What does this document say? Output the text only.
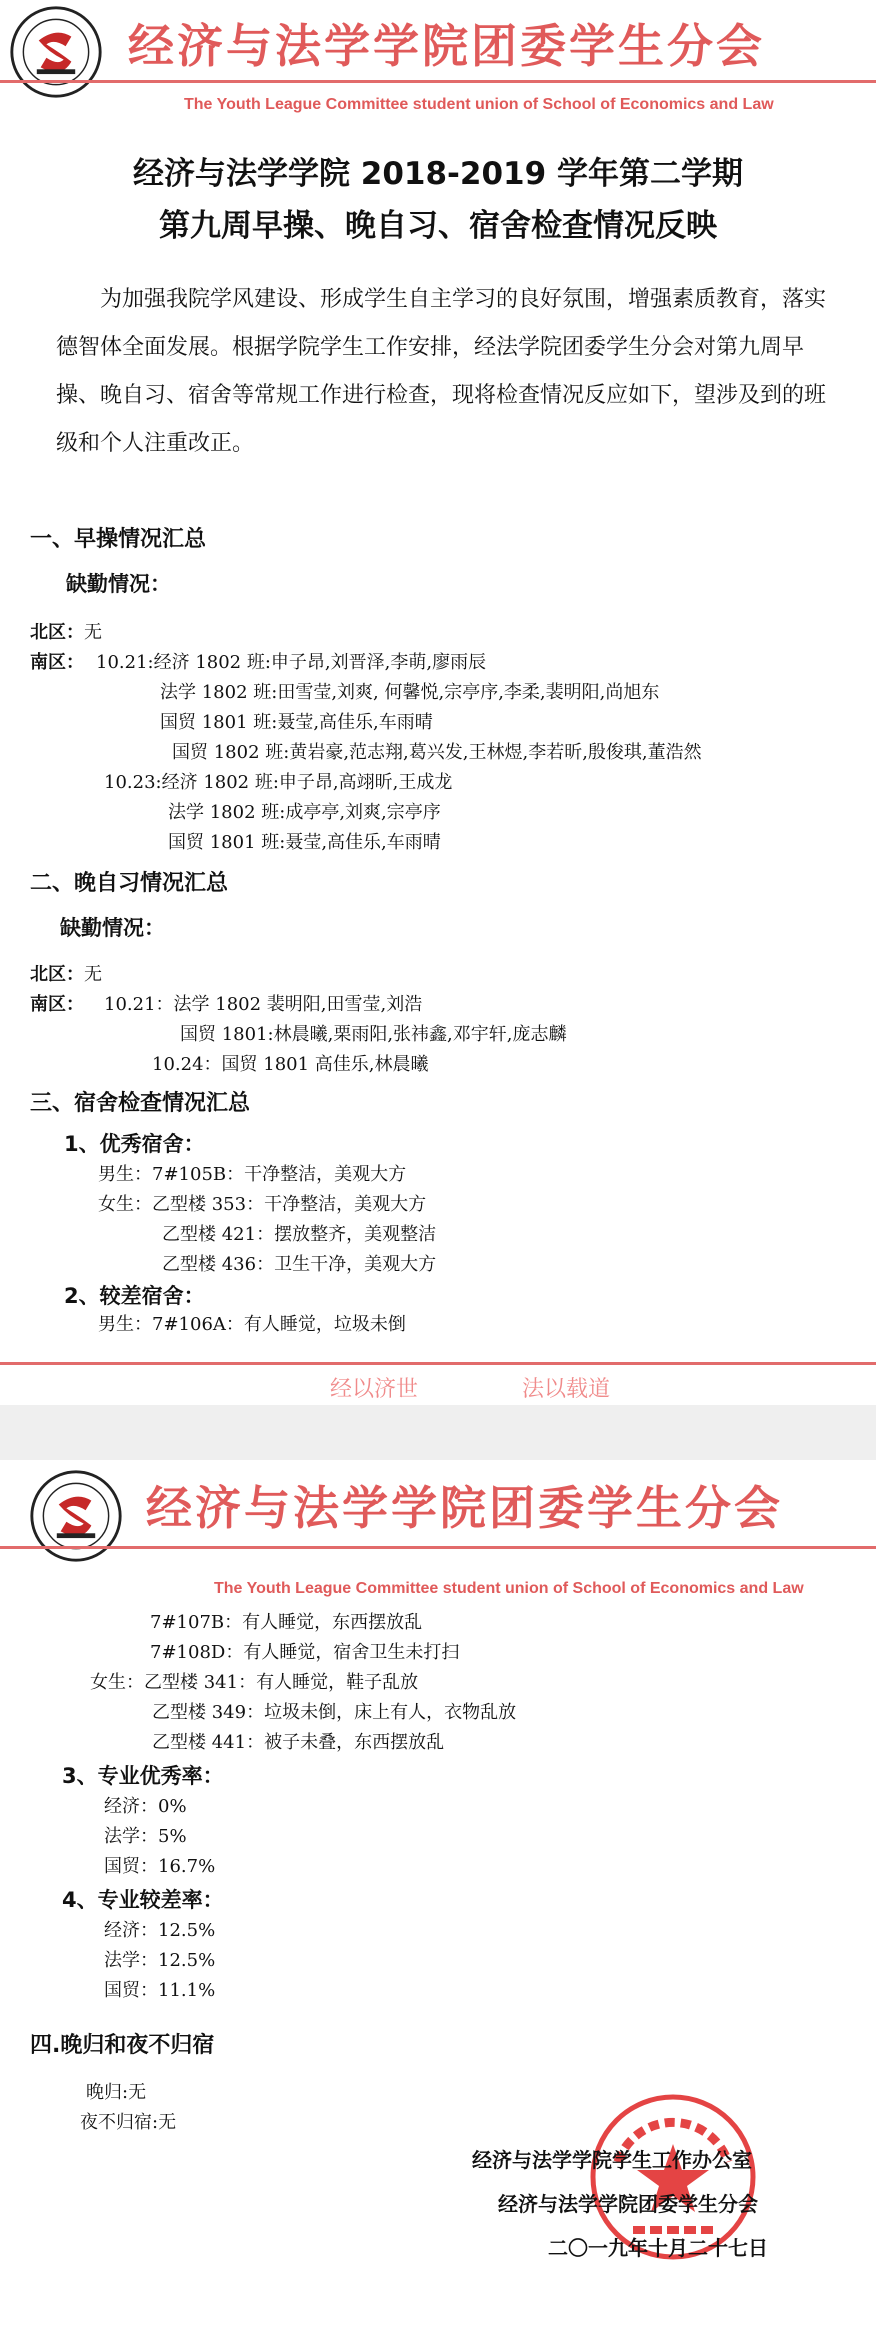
经济与法学学院团委学生分会
The Youth League Committee student union of School of Economics and Law
经济与法学学院 2018-2019 学年第二学期
第九周早操、晚自习、宿舍检查情况反映
为加强我院学风建设、形成学生自主学习的良好氛围，增强素质教育，落实德智体全面发展。根据学院学生工作安排，经法学院团委学生分会对第九周早操、晚自习、宿舍等常规工作进行检查，现将检查情况反应如下，望涉及到的班级和个人注重改正。
一、早操情况汇总
缺勤情况：
北区：无
南区： 10.21:经济 1802 班:申子昂,刘晋泽,李萌,廖雨辰
法学 1802 班:田雪莹,刘爽, 何馨悦,宗亭序,李柔,裴明阳,尚旭东
国贸 1801 班:聂莹,高佳乐,车雨晴
国贸 1802 班:黄岩豪,范志翔,葛兴发,王林煜,李若昕,殷俊琪,董浩然
10.23:经济 1802 班:申子昂,高翊昕,王成龙
法学 1802 班:成亭亭,刘爽,宗亭序
国贸 1801 班:聂莹,高佳乐,车雨晴
二、晚自习情况汇总
缺勤情况：
北区：无
南区： 10.21：法学 1802 裴明阳,田雪莹,刘浩
国贸 1801:林晨曦,栗雨阳,张祎鑫,邓宇轩,庞志麟
10.24：国贸 1801 高佳乐,林晨曦
三、宿舍检查情况汇总
1、优秀宿舍：
男生：7#105B：干净整洁，美观大方
女生：乙型楼 353：干净整洁，美观大方
乙型楼 421：摆放整齐，美观整洁
乙型楼 436：卫生干净，美观大方
2、较差宿舍：
男生：7#106A：有人睡觉，垃圾未倒
经以济世	法以载道
经济与法学学院团委学生分会
The Youth League Committee student union of School of Economics and Law
7#107B：有人睡觉，东西摆放乱
7#108D：有人睡觉，宿舍卫生未打扫
女生：乙型楼 341：有人睡觉，鞋子乱放
乙型楼 349：垃圾未倒，床上有人，衣物乱放
乙型楼 441：被子未叠，东西摆放乱
3、专业优秀率：
经济：0%
法学：5%
国贸：16.7%
4、专业较差率：
经济：12.5%
法学：12.5%
国贸：11.1%
四.晚归和夜不归宿
晚归:无
夜不归宿:无
经济与法学学院学生工作办公室
经济与法学学院团委学生分会
二〇一九年十月二十七日
